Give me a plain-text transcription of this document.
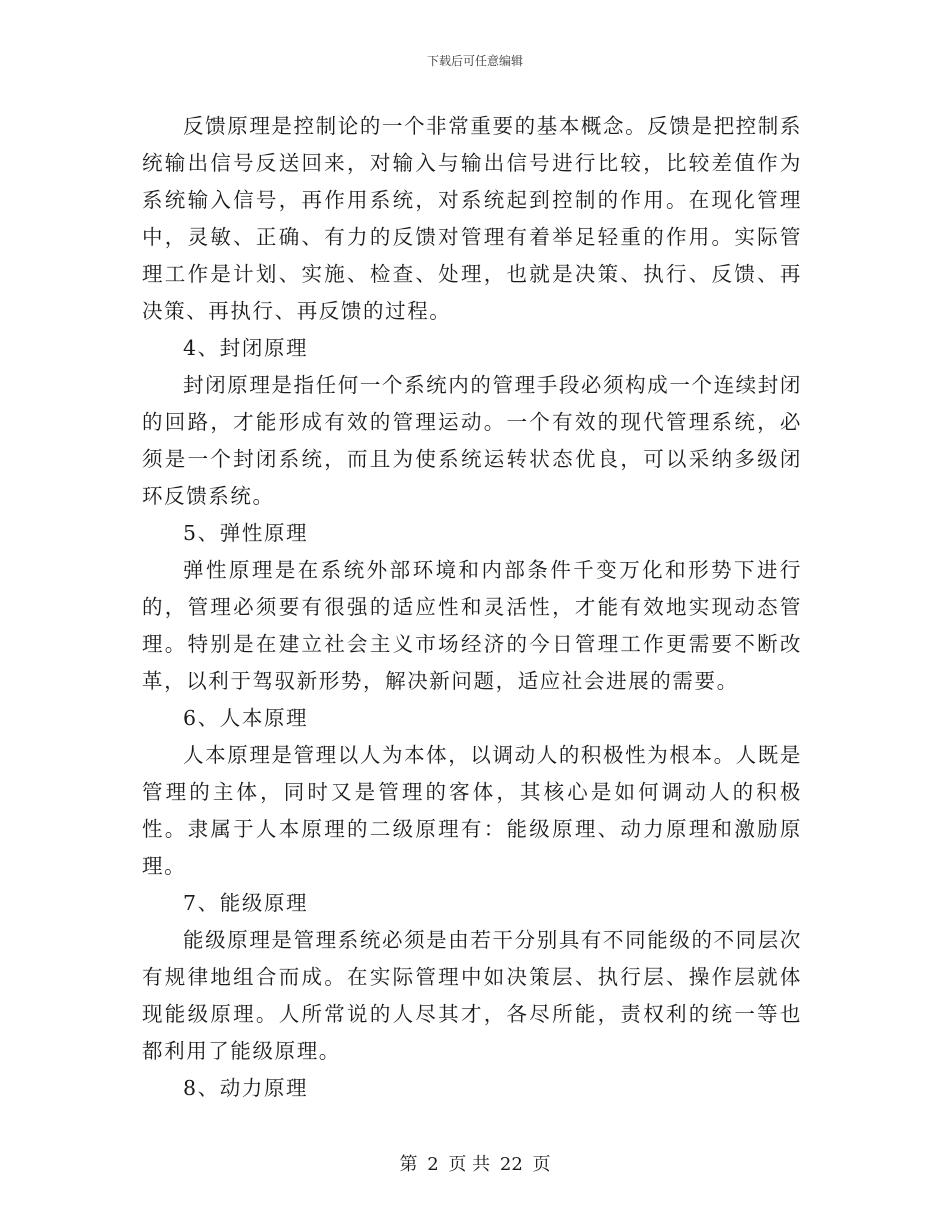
下载后可任意编辑

反馈原理是控制论的一个非常重要的基本概念。反馈是把控制系统输出信号反送回来，对输入与输出信号进行比较，比较差值作为系统输入信号，再作用系统，对系统起到控制的作用。在现化管理中，灵敏、正确、有力的反馈对管理有着举足轻重的作用。实际管理工作是计划、实施、检查、处理，也就是决策、执行、反馈、再决策、再执行、再反馈的过程。

4、封闭原理

封闭原理是指任何一个系统内的管理手段必须构成一个连续封闭的回路，才能形成有效的管理运动。一个有效的现代管理系统，必须是一个封闭系统，而且为使系统运转状态优良，可以采纳多级闭环反馈系统。

5、弹性原理

弹性原理是在系统外部环境和内部条件千变万化和形势下进行的，管理必须要有很强的适应性和灵活性，才能有效地实现动态管理。特别是在建立社会主义市场经济的今日管理工作更需要不断改革，以利于驾驭新形势，解决新问题，适应社会进展的需要。

6、人本原理

人本原理是管理以人为本体，以调动人的积极性为根本。人既是管理的主体，同时又是管理的客体，其核心是如何调动人的积极性。隶属于人本原理的二级原理有：能级原理、动力原理和激励原理。

7、能级原理

能级原理是管理系统必须是由若干分别具有不同能级的不同层次有规律地组合而成。在实际管理中如决策层、执行层、操作层就体现能级原理。人所常说的人尽其才，各尽所能，责权利的统一等也都利用了能级原理。

8、动力原理

第 2 页 共 22 页
